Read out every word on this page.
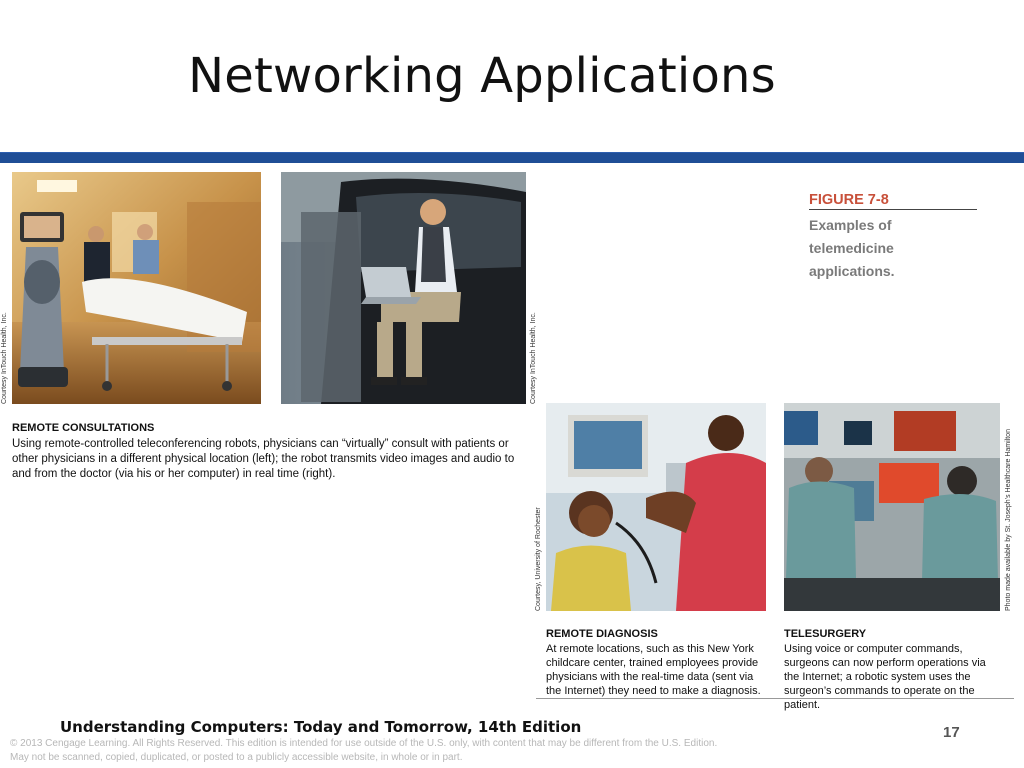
Networking Applications
Courtesy InTouch Health, Inc.	Courtesy InTouch Health, Inc.
FIGURE 7-8
Examples of telemedicine applications.
REMOTE CONSULTATIONS
Using remote-controlled teleconferencing robots, physicians can “virtually” consult with patients or other physicians in a different physical location (left); the robot transmits video images and audio to and from the doctor (via his or her computer) in real time (right).
Courtesy, University of Rochester	Photo made available by St. Joseph’s Healthcare Hamilton
REMOTE DIAGNOSIS
At remote locations, such as this New York childcare center, trained employees provide physicians with the real-time data (sent via the Internet) they need to make a diagnosis.
TELESURGERY
Using voice or computer commands, surgeons can now perform operations via the Internet; a robotic system uses the surgeon’s commands to operate on the patient.
Understanding Computers: Today and Tomorrow, 14th Edition	17
© 2013 Cengage Learning. All Rights Reserved. This edition is intended for use outside of the U.S. only, with content that may be different from the U.S. Edition.
May not be scanned, copied, duplicated, or posted to a publicly accessible website, in whole or in part.
